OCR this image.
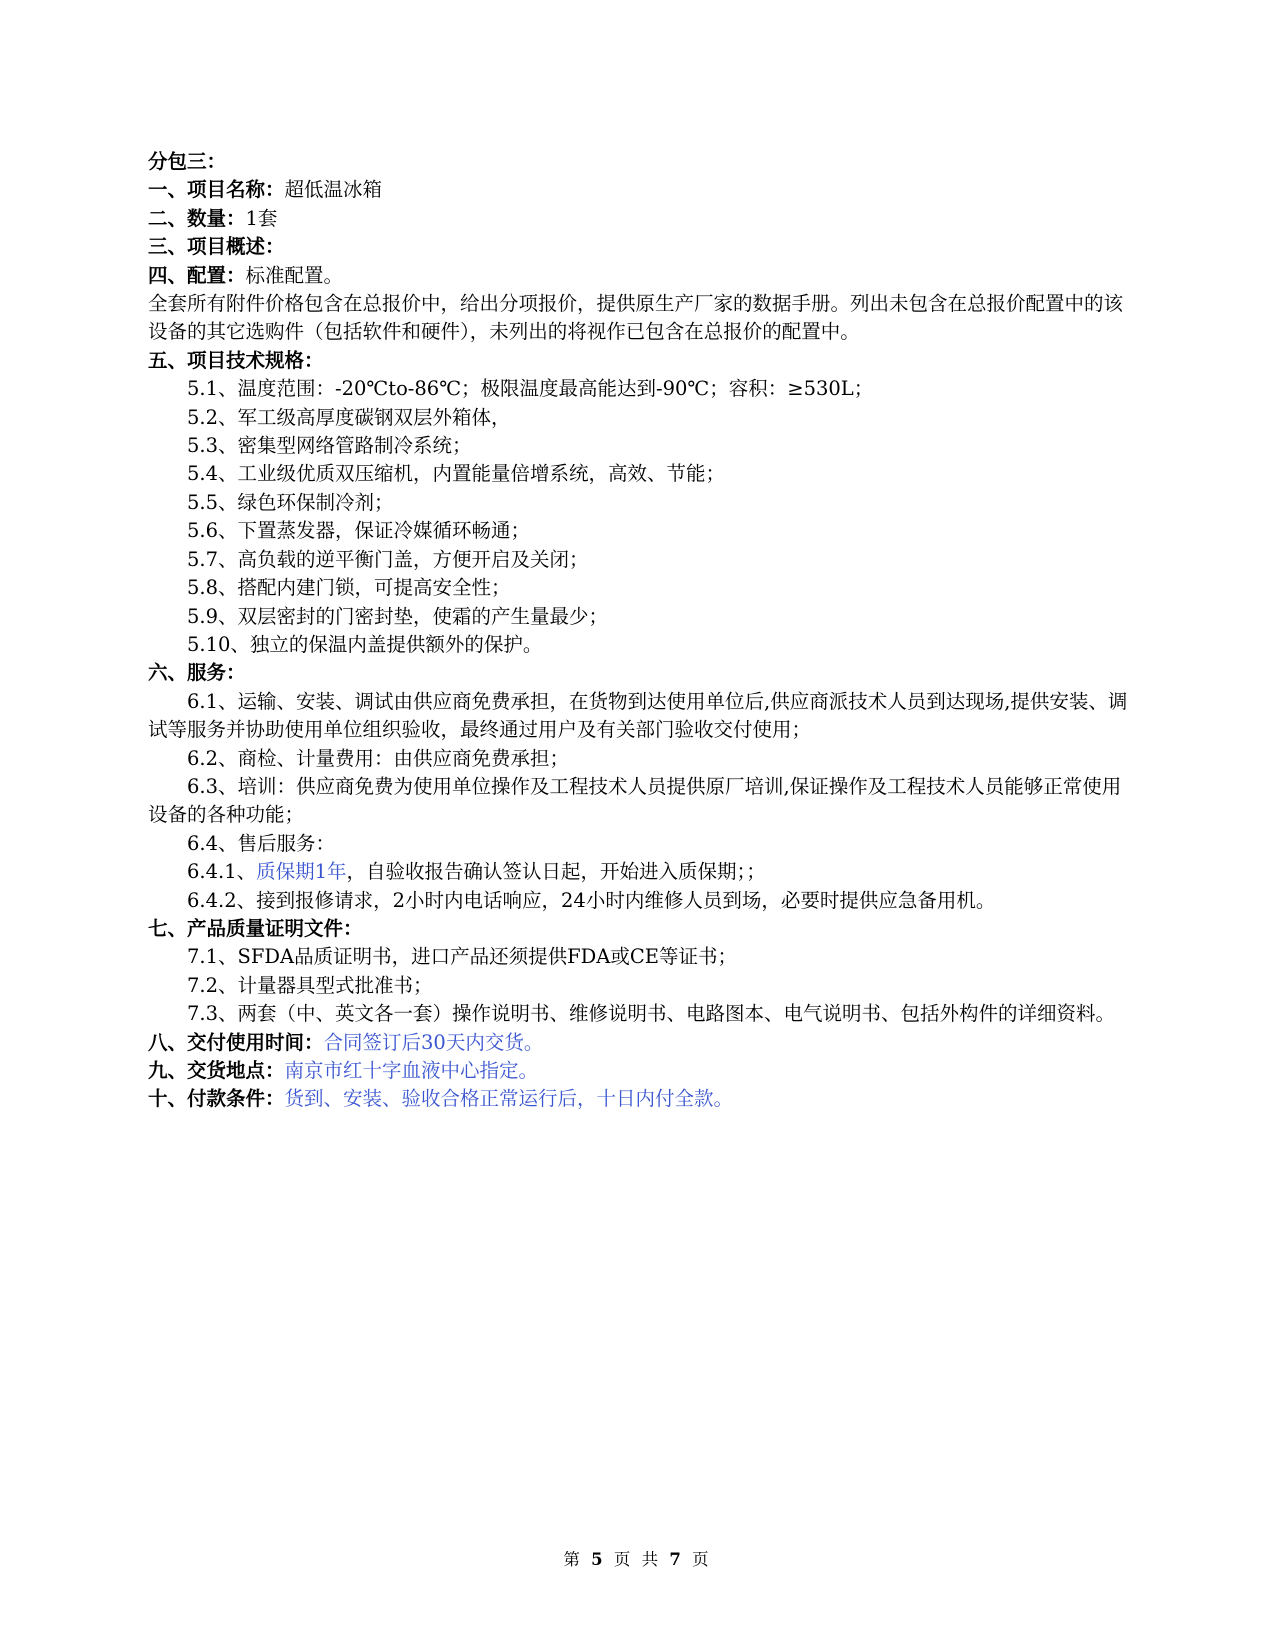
分包三：
一、项目名称：超低温冰箱
二、数量：1套
三、项目概述：
四、配置：标准配置。
全套所有附件价格包含在总报价中，给出分项报价，提供原生产厂家的数据手册。列出未包含在总报价配置中的该设备的其它选购件（包括软件和硬件），未列出的将视作已包含在总报价的配置中。
五、项目技术规格：
5.1、温度范围：-20℃to-86℃；极限温度最高能达到-90℃；容积：≥530L；
5.2、军工级高厚度碳钢双层外箱体，
5.3、密集型网络管路制冷系统；
5.4、工业级优质双压缩机，内置能量倍增系统，高效、节能；
5.5、绿色环保制冷剂；
5.6、下置蒸发器，保证冷媒循环畅通；
5.7、高负载的逆平衡门盖，方便开启及关闭；
5.8、搭配内建门锁，可提高安全性；
5.9、双层密封的门密封垫，使霜的产生量最少；
5.10、独立的保温内盖提供额外的保护。
六、服务：
6.1、运输、安装、调试由供应商免费承担，在货物到达使用单位后,供应商派技术人员到达现场,提供安装、调试等服务并协助使用单位组织验收，最终通过用户及有关部门验收交付使用；
6.2、商检、计量费用：由供应商免费承担；
6.3、培训：供应商免费为使用单位操作及工程技术人员提供原厂培训,保证操作及工程技术人员能够正常使用设备的各种功能；
6.4、售后服务：
6.4.1、质保期1年，自验收报告确认签认日起，开始进入质保期；；
6.4.2、接到报修请求，2小时内电话响应，24小时内维修人员到场，必要时提供应急备用机。
七、产品质量证明文件：
7.1、SFDA品质证明书，进口产品还须提供FDA或CE等证书；
7.2、计量器具型式批准书；
7.3、两套（中、英文各一套）操作说明书、维修说明书、电路图本、电气说明书、包括外构件的详细资料。
八、交付使用时间：合同签订后30天内交货。
九、交货地点：南京市红十字血液中心指定。
十、付款条件：货到、安装、验收合格正常运行后，十日内付全款。
第 5 页 共 7 页
